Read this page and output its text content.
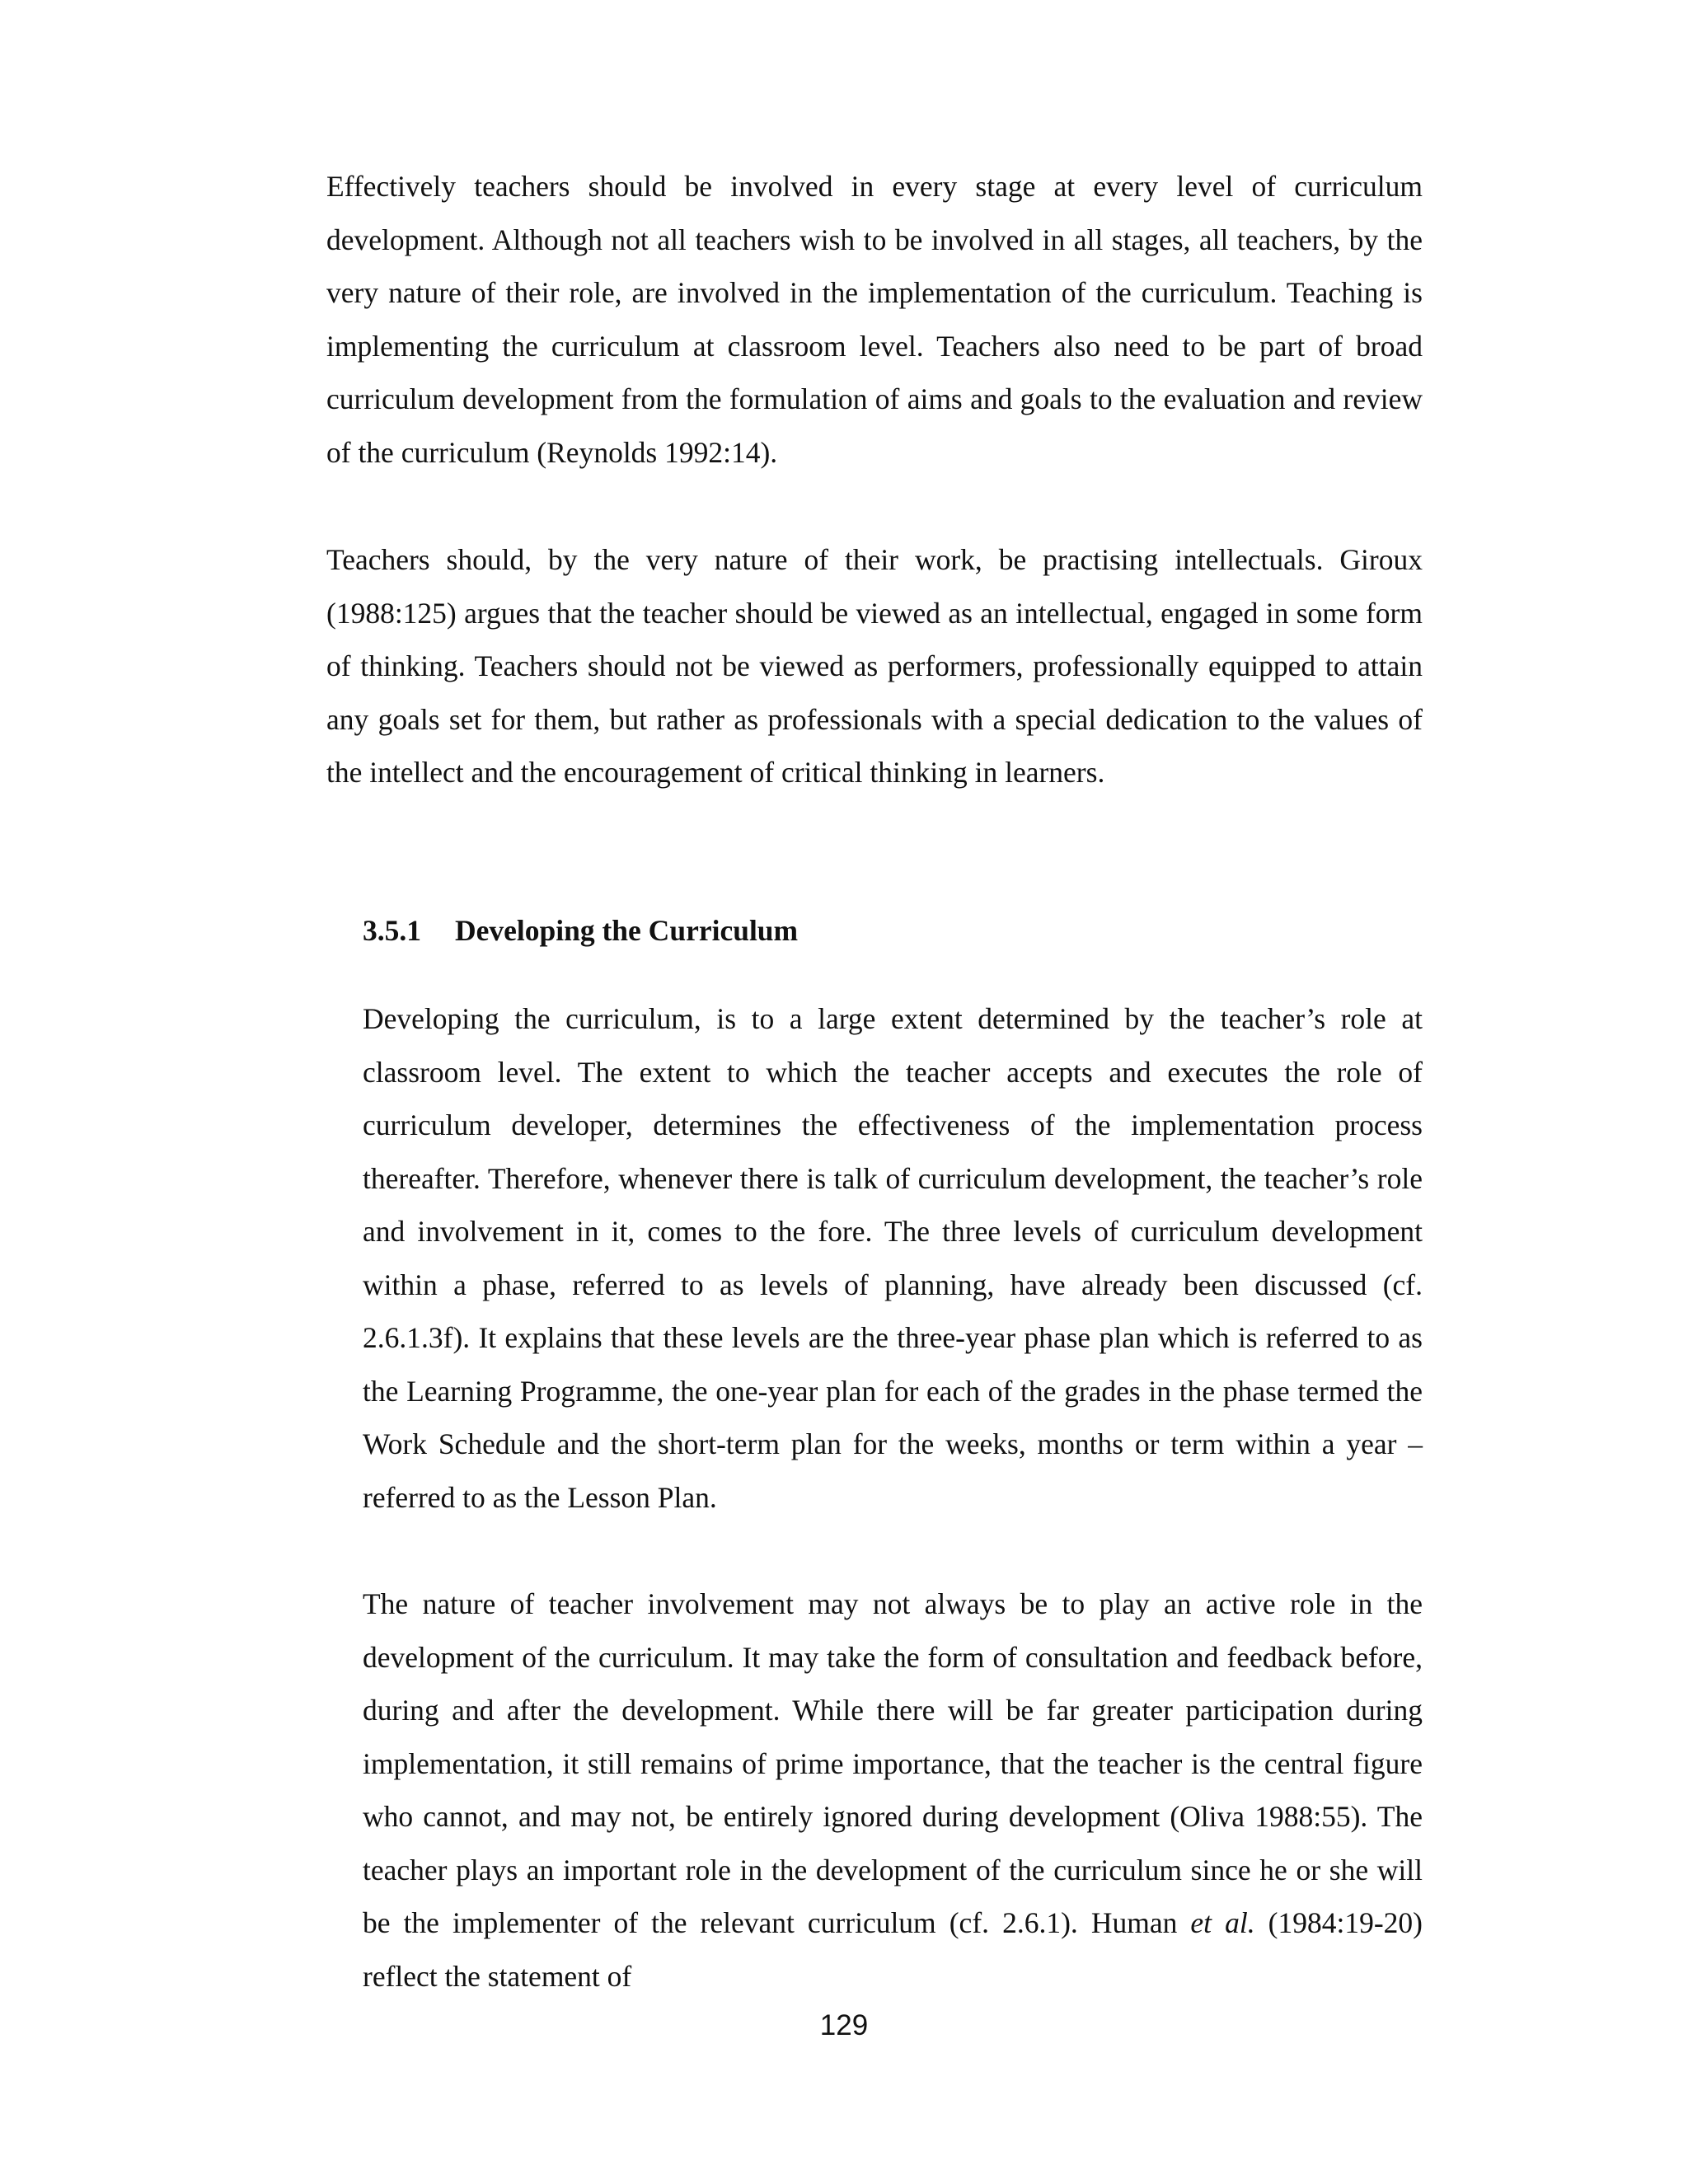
Effectively teachers should be involved in every stage at every level of curriculum development. Although not all teachers wish to be involved in all stages, all teachers, by the very nature of their role, are involved in the implementation of the curriculum. Teaching is implementing the curriculum at classroom level. Teachers also need to be part of broad curriculum development from the formulation of aims and goals to the evaluation and review of the curriculum (Reynolds 1992:14).

Teachers should, by the very nature of their work, be practising intellectuals. Giroux (1988:125) argues that the teacher should be viewed as an intellectual, engaged in some form of thinking. Teachers should not be viewed as performers, professionally equipped to attain any goals set for them, but rather as professionals with a special dedication to the values of the intellect and the encouragement of critical thinking in learners.

3.5.1 Developing the Curriculum

Developing the curriculum, is to a large extent determined by the teacher’s role at classroom level. The extent to which the teacher accepts and executes the role of curriculum developer, determines the effectiveness of the implementation process thereafter. Therefore, whenever there is talk of curriculum development, the teacher’s role and involvement in it, comes to the fore. The three levels of curriculum development within a phase, referred to as levels of planning, have already been discussed (cf. 2.6.1.3f). It explains that these levels are the three-year phase plan which is referred to as the Learning Programme, the one-year plan for each of the grades in the phase termed the Work Schedule and the short-term plan for the weeks, months or term within a year – referred to as the Lesson Plan.

The nature of teacher involvement may not always be to play an active role in the development of the curriculum. It may take the form of consultation and feedback before, during and after the development. While there will be far greater participation during implementation, it still remains of prime importance, that the teacher is the central figure who cannot, and may not, be entirely ignored during development (Oliva 1988:55). The teacher plays an important role in the development of the curriculum since he or she will be the implementer of the relevant curriculum (cf. 2.6.1). Human et al. (1984:19-20) reflect the statement of

129
